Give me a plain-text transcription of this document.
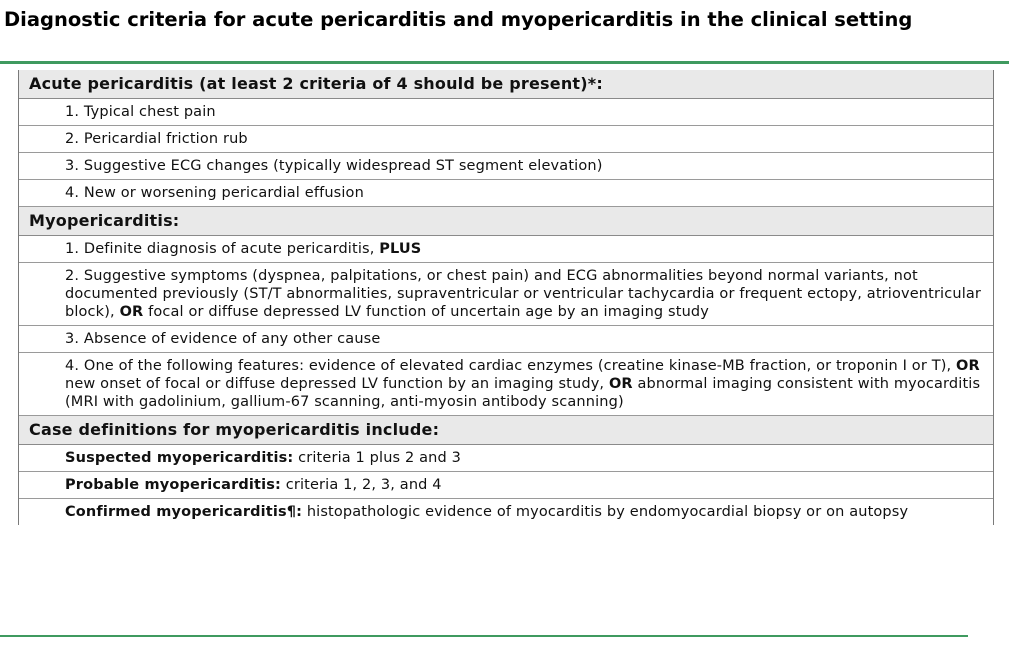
Diagnostic criteria for acute pericarditis and myopericarditis in the clinical setting
Acute pericarditis (at least 2 criteria of 4 should be present)*:
1. Typical chest pain
2. Pericardial friction rub
3. Suggestive ECG changes (typically widespread ST segment elevation)
4. New or worsening pericardial effusion
Myopericarditis:
1. Definite diagnosis of acute pericarditis, PLUS
2. Suggestive symptoms (dyspnea, palpitations, or chest pain) and ECG abnormalities beyond normal variants, not documented previously (ST/T abnormalities, supraventricular or ventricular tachycardia or frequent ectopy, atrioventricular block), OR focal or diffuse depressed LV function of uncertain age by an imaging study
3. Absence of evidence of any other cause
4. One of the following features: evidence of elevated cardiac enzymes (creatine kinase-MB fraction, or troponin I or T), OR new onset of focal or diffuse depressed LV function by an imaging study, OR abnormal imaging consistent with myocarditis (MRI with gadolinium, gallium-67 scanning, anti-myosin antibody scanning)
Case definitions for myopericarditis include:
Suspected myopericarditis: criteria 1 plus 2 and 3
Probable myopericarditis: criteria 1, 2, 3, and 4
Confirmed myopericarditis¶: histopathologic evidence of myocarditis by endomyocardial biopsy or on autopsy
